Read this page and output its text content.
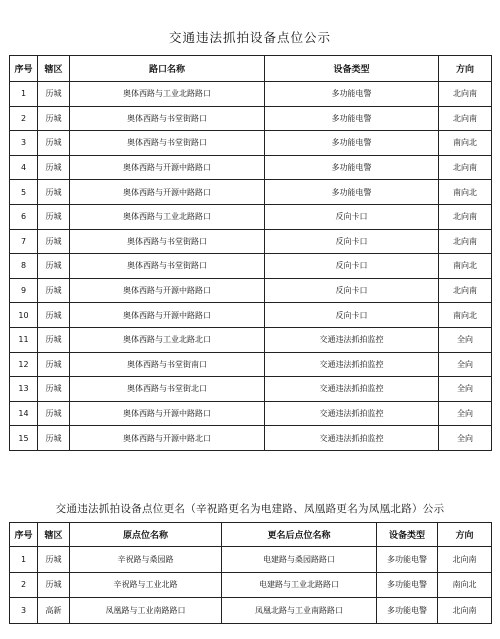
交通违法抓拍设备点位公示
序号	辖区	路口名称	设备类型	方向
1	历城	奥体西路与工业北路路口	多功能电警	北向南
2	历城	奥体西路与书堂街路口	多功能电警	北向南
3	历城	奥体西路与书堂街路口	多功能电警	南向北
4	历城	奥体西路与开源中路路口	多功能电警	北向南
5	历城	奥体西路与开源中路路口	多功能电警	南向北
6	历城	奥体西路与工业北路路口	反向卡口	北向南
7	历城	奥体西路与书堂街路口	反向卡口	北向南
8	历城	奥体西路与书堂街路口	反向卡口	南向北
9	历城	奥体西路与开源中路路口	反向卡口	北向南
10	历城	奥体西路与开源中路路口	反向卡口	南向北
11	历城	奥体西路与工业北路北口	交通违法抓拍监控	全向
12	历城	奥体西路与书堂街南口	交通违法抓拍监控	全向
13	历城	奥体西路与书堂街北口	交通违法抓拍监控	全向
14	历城	奥体西路与开源中路路口	交通违法抓拍监控	全向
15	历城	奥体西路与开源中路北口	交通违法抓拍监控	全向
交通违法抓拍设备点位更名（辛祝路更名为电建路、凤凰路更名为凤凰北路）公示
序号	辖区	原点位名称	更名后点位名称	设备类型	方向
1	历城	辛祝路与桑园路	电建路与桑园路路口	多功能电警	北向南
2	历城	辛祝路与工业北路	电建路与工业北路路口	多功能电警	南向北
3	高新	凤凰路与工业南路路口	凤凰北路与工业南路路口	多功能电警	北向南
